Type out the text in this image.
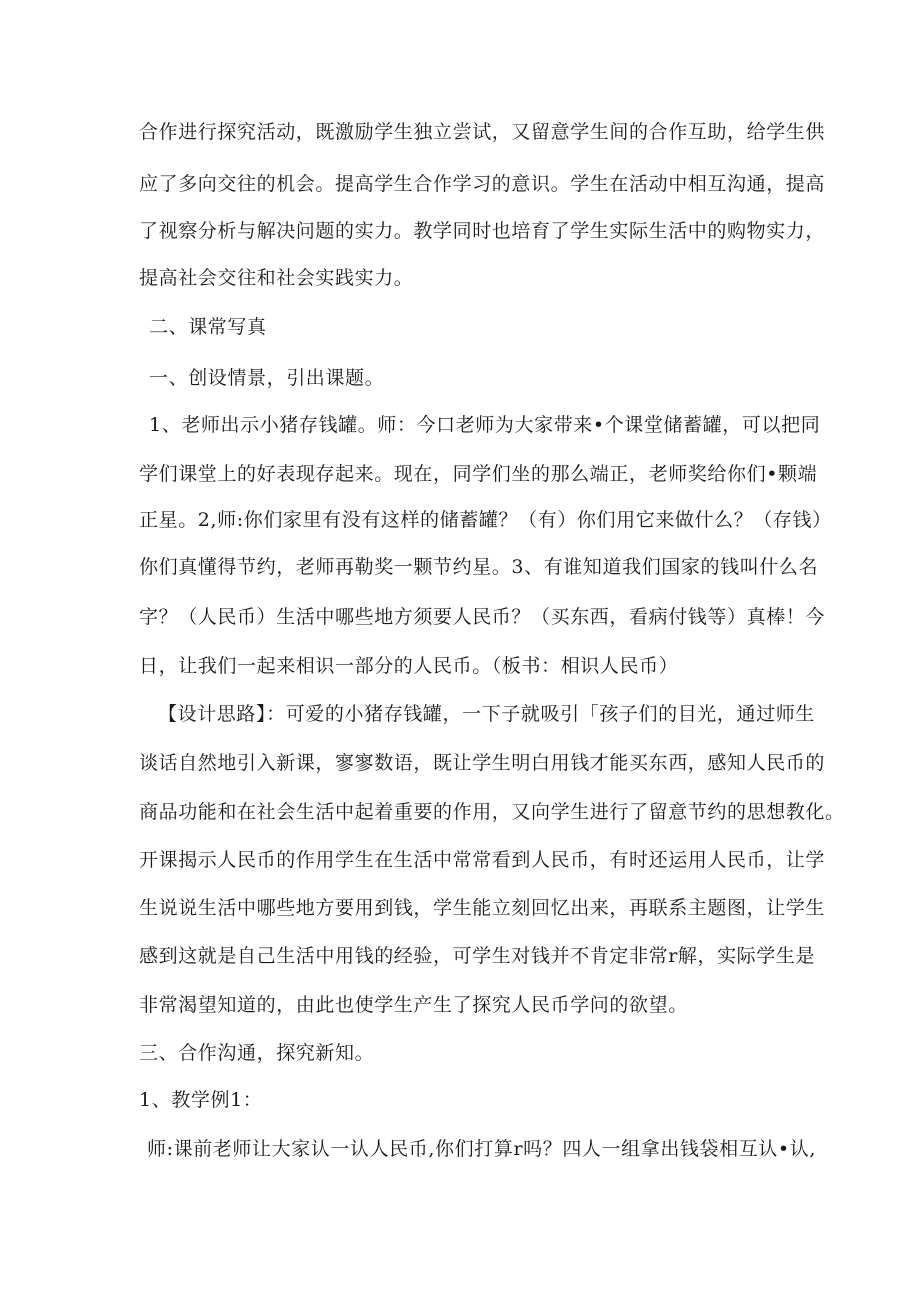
合作进行探究活动，既激励学生独立尝试，又留意学生间的合作互助，给学生供
应了多向交往的机会。提高学生合作学习的意识。学生在活动中相互沟通，提高
了视察分析与解决问题的实力。教学同时也培育了学生实际生活中的购物实力，
提高社会交往和社会实践实力。
二、课常写真
一、创设情景，引出课题。
1、老师出示小猪存钱罐。师：今口老师为大家带来•个课堂储蓄罐，可以把同
学们课堂上的好表现存起来。现在，同学们坐的那么端正，老师奖给你们•颗端
正星。2,师:你们家里有没有这样的储蓄罐？（有）你们用它来做什么？（存钱）
你们真懂得节约，老师再勒奖一颗节约星。3、有谁知道我们国家的钱叫什么名
字？（人民币）生活中哪些地方须要人民币？（买东西，看病付钱等）真棒！今
日，让我们一起来相识一部分的人民币。（板书：相识人民币）
【设计思路】：可爱的小猪存钱罐，一下子就吸引「孩子们的目光，通过师生
谈话自然地引入新课，寥寥数语，既让学生明白用钱才能买东西，感知人民币的
商品功能和在社会生活中起着重要的作用，又向学生进行了留意节约的思想教化。
开课揭示人民币的作用学生在生活中常常看到人民币，有时还运用人民币，让学
生说说生活中哪些地方要用到钱，学生能立刻回忆出来，再联系主题图，让学生
感到这就是自己生活中用钱的经验，可学生对钱并不肯定非常r解，实际学生是
非常渴望知道的，由此也使学生产生了探究人民币学问的欲望。
三、合作沟通，探究新知。
1、教学例1：
师:课前老师让大家认一认人民币,你们打算r吗？四人一组拿出钱袋相互认•认,
